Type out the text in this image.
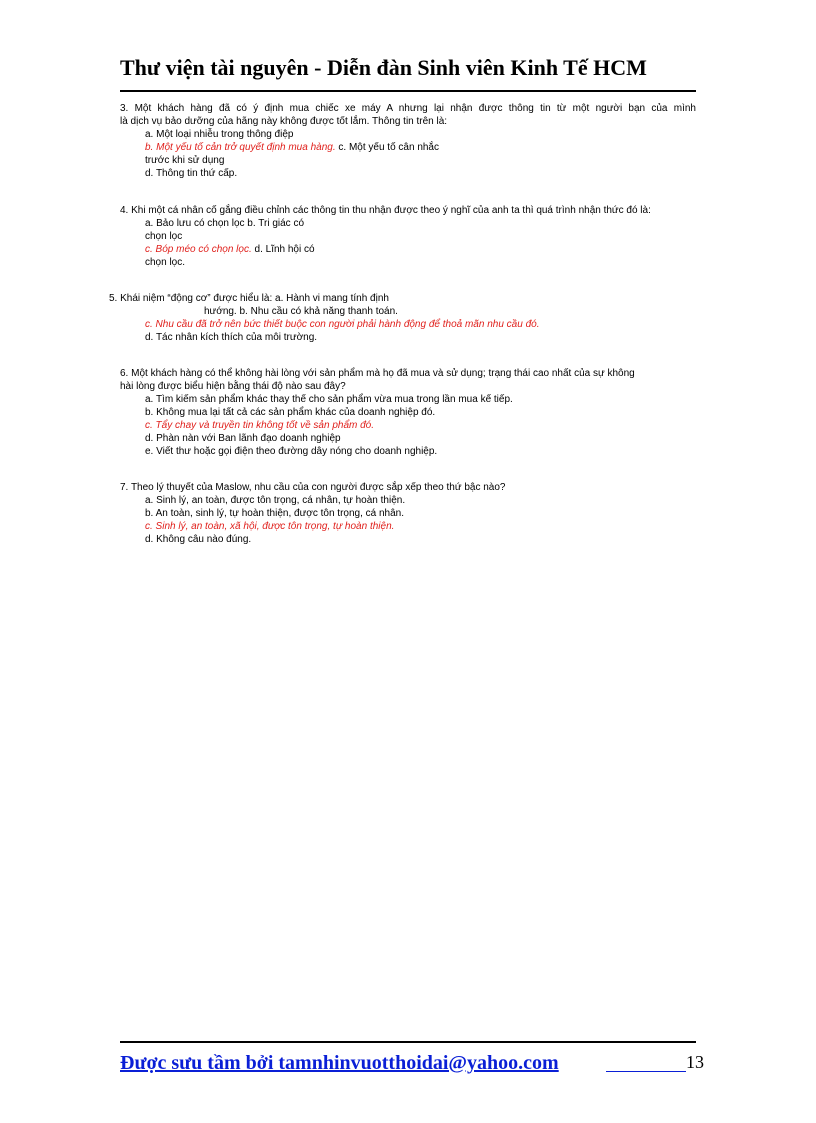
Thư viện tài nguyên - Diễn đàn Sinh viên Kinh Tế HCM
3. Một khách hàng đã có ý định mua chiếc xe máy A nhưng lại nhận được thông tin từ một người bạn của mình
là dịch vụ bảo dưỡng của hãng này không được tốt lắm. Thông tin trên là:
a. Một loại nhiễu trong thông điệp
b. Một yếu tố cản trở quyết định mua hàng. c. Một yếu tố cân nhắc
trước khi sử dụng
d. Thông tin thứ cấp.
4. Khi một cá nhân cố gắng điều chỉnh các thông tin thu nhận được theo ý nghĩ của anh ta thì quá trình nhận thức đó là:
a. Bảo lưu có chọn lọc b. Tri giác có
chọn lọc
c. Bóp méo có chọn lọc. d. Lĩnh hội có
chọn lọc.
5. Khái niệm “động cơ” được hiểu là: a. Hành vi mang tính định
hướng. b. Nhu cầu có khả năng thanh toán.
c. Nhu cầu đã trở nên bức thiết buộc con người phải hành động để thoả mãn nhu cầu đó.
d. Tác nhân kích thích của môi trường.
6. Một khách hàng có thể không hài lòng với sản phẩm mà họ đã mua và sử dụng; trạng thái cao nhất của sự không
hài lòng được biểu hiện bằng thái độ nào sau đây?
a. Tìm kiếm sản phẩm khác thay thế cho sản phẩm vừa mua trong lần mua kế tiếp.
b. Không mua lại tất cả các sản phẩm khác của doanh nghiệp đó.
c. Tẩy chay và truyền tin không tốt về sản phẩm đó.
d. Phàn nàn với Ban lãnh đạo doanh nghiệp
e. Viết thư hoặc gọi điện theo đường dây nóng cho doanh nghiệp.
7. Theo lý thuyết của Maslow, nhu cầu của con người được sắp xếp theo thứ bậc nào?
a. Sinh lý, an toàn, được tôn trọng, cá nhân, tự hoàn thiện.
b. An toàn, sinh lý, tự hoàn thiện, được tôn trọng, cá nhân.
c. Sinh lý, an toàn, xã hội, được tôn trọng, tự hoàn thiện.
d. Không câu nào đúng.
Được sưu tầm bởi tamnhinvuotthoidai@yahoo.com	13
